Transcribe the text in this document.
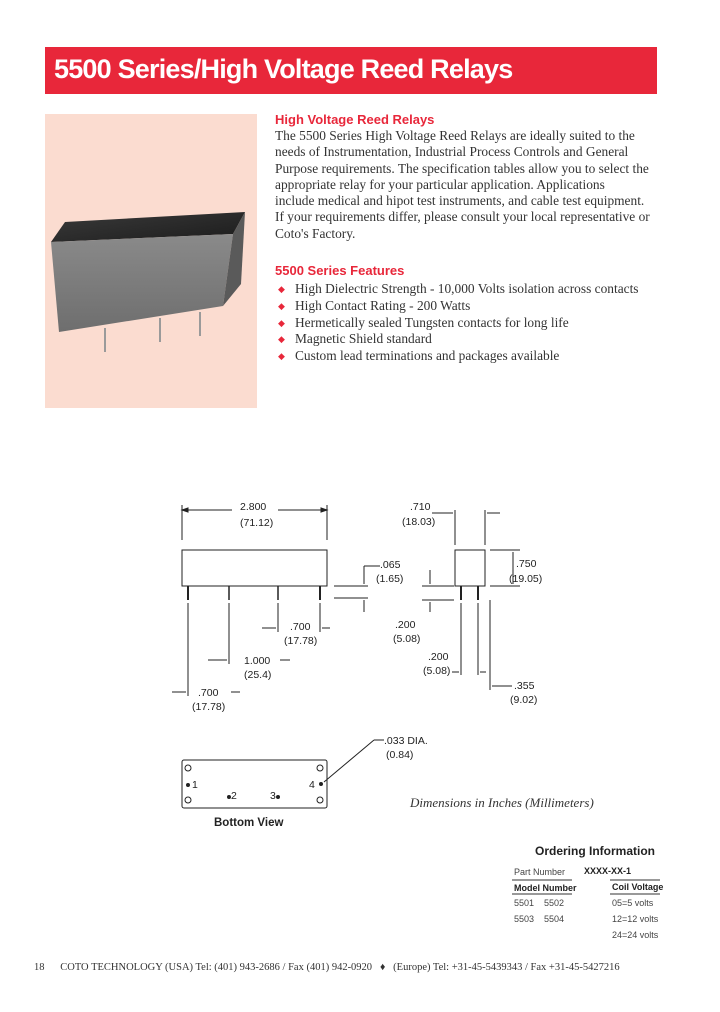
5500 Series/High Voltage Reed Relays

High Voltage Reed Relays

The 5500 Series High Voltage Reed Relays are ideally suited to the
needs of Instrumentation, Industrial Process Controls and General
Purpose requirements. The specification tables allow you to select the
appropriate relay for your particular application. Applications
include medical and hipot test instruments, and cable test equipment.
If your requirements differ, please consult your local representative or
Coto's Factory.

5500 Series Features

◆ High Dielectric Strength - 10,000 Volts isolation across contacts
◆ High Contact Rating - 200 Watts
◆ Hermetically sealed Tungsten contacts for long life
◆ Magnetic Shield standard
◆ Custom lead terminations and packages available
2.800
(71.12)
.065
(1.65)
.700
(17.78)
1.000
(25.4)
.700
(17.78)
.710
(18.03)
.750
(19.05)
.200
(5.08)
.200
(5.08)
.355
(9.02)
.033 DIA.
(0.84)
1
2	3
4
Dimensions in Inches (Millimeters)
Bottom View
Ordering Information
Part Number XXXX-XX-1
Model Number	Coil Voltage
5501 5502
5503 5504
05=5 volts
12=12 volts
24=24 volts
18 COTO TECHNOLOGY (USA) Tel: (401) 943-2686 / Fax (401) 942-0920 ♦ (Europe) Tel: +31-45-5439343 / Fax +31-45-5427216
